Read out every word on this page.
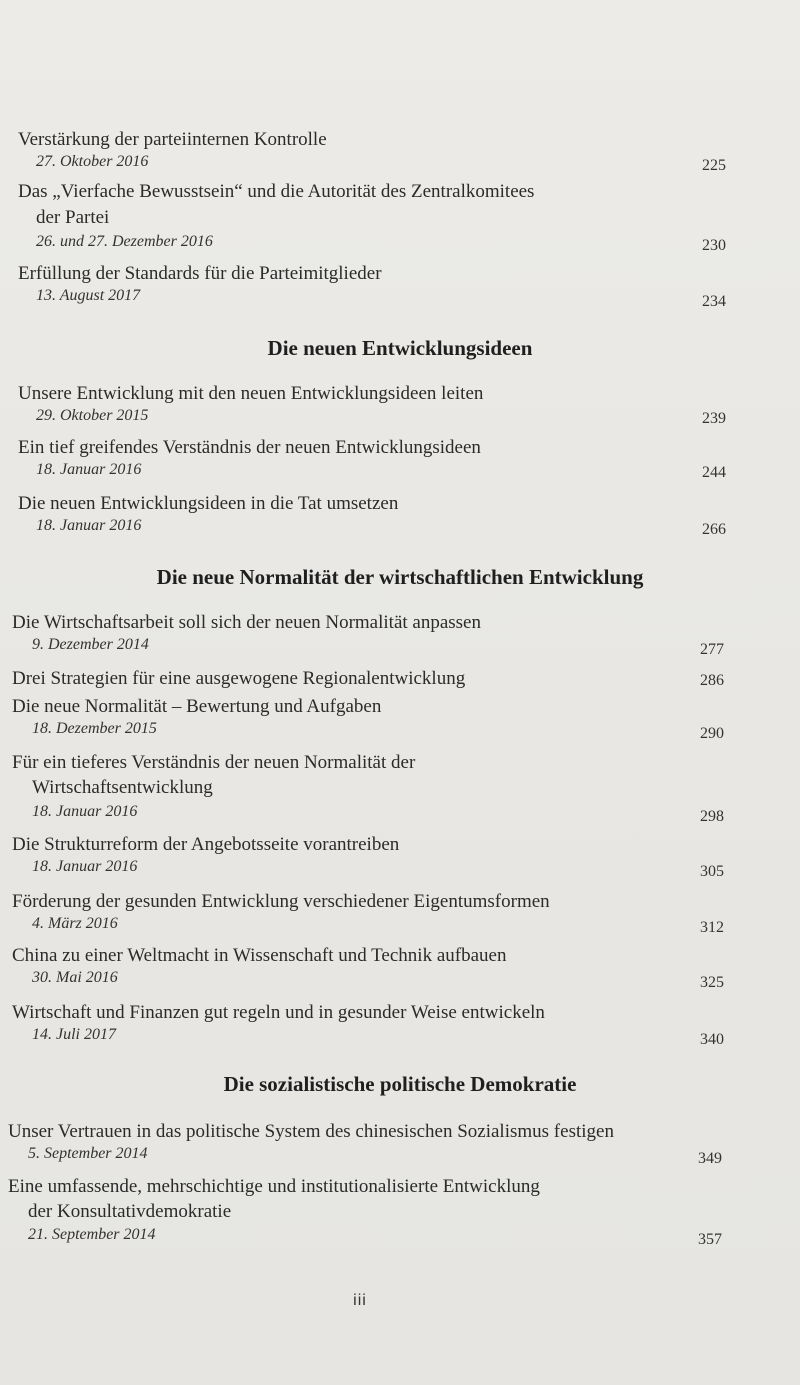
Verstärkung der parteiinternen Kontrolle
27. Oktober 2016	225
Das „Vierfache Bewusstsein“ und die Autorität des Zentralkomitees
der Partei
26. und 27. Dezember 2016	230
Erfüllung der Standards für die Parteimitglieder
13. August 2017	234
Die neuen Entwicklungsideen
Unsere Entwicklung mit den neuen Entwicklungsideen leiten
29. Oktober 2015	239
Ein tief greifendes Verständnis der neuen Entwicklungsideen
18. Januar 2016	244
Die neuen Entwicklungsideen in die Tat umsetzen
18. Januar 2016	266
Die neue Normalität der wirtschaftlichen Entwicklung
Die Wirtschaftsarbeit soll sich der neuen Normalität anpassen
9. Dezember 2014	277
Drei Strategien für eine ausgewogene Regionalentwicklung	286
Die neue Normalität – Bewertung und Aufgaben
18. Dezember 2015	290
Für ein tieferes Verständnis der neuen Normalität der
Wirtschaftsentwicklung
18. Januar 2016	298
Die Strukturreform der Angebotsseite vorantreiben
18. Januar 2016	305
Förderung der gesunden Entwicklung verschiedener Eigentumsformen
4. März 2016	312
China zu einer Weltmacht in Wissenschaft und Technik aufbauen
30. Mai 2016	325
Wirtschaft und Finanzen gut regeln und in gesunder Weise entwickeln
14. Juli 2017	340
Die sozialistische politische Demokratie
Unser Vertrauen in das politische System des chinesischen Sozialismus festigen
5. September 2014	349
Eine umfassende, mehrschichtige und institutionalisierte Entwicklung
der Konsultativdemokratie
21. September 2014	357
iii
